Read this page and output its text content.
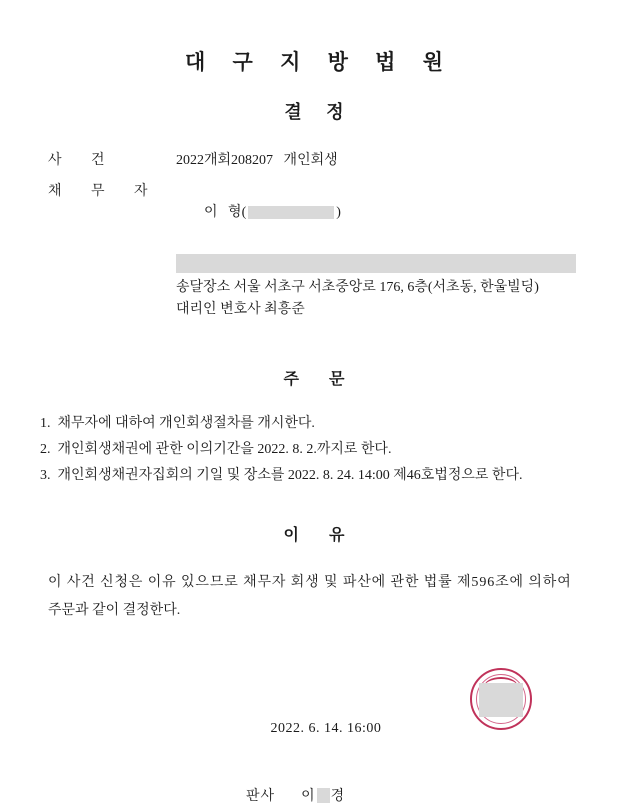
대 구 지 방 법 원
결 정
사 건	2022개회208207   개인회생
채 무 자

이   형(	)

송달장소 서울 서초구 서초중앙로 176, 6층(서초동, 한울빌딩)
대리인 변호사 최흥준
주 문
1.  채무자에 대하여 개인회생절차를 개시한다.
2.  개인회생채권에 관한 이의기간을 2022. 8. 2.까지로 한다.
3.  개인회생채권자집회의 기일 및 장소를 2022. 8. 24. 14:00 제46호법정으로 한다.
이 유
이 사건 신청은 이유 있으므로 채무자 회생 및 파산에 관한 법률 제596조에 의하여
주문과 같이 결정한다.
2022. 6. 14. 16:00
판사 이 경
